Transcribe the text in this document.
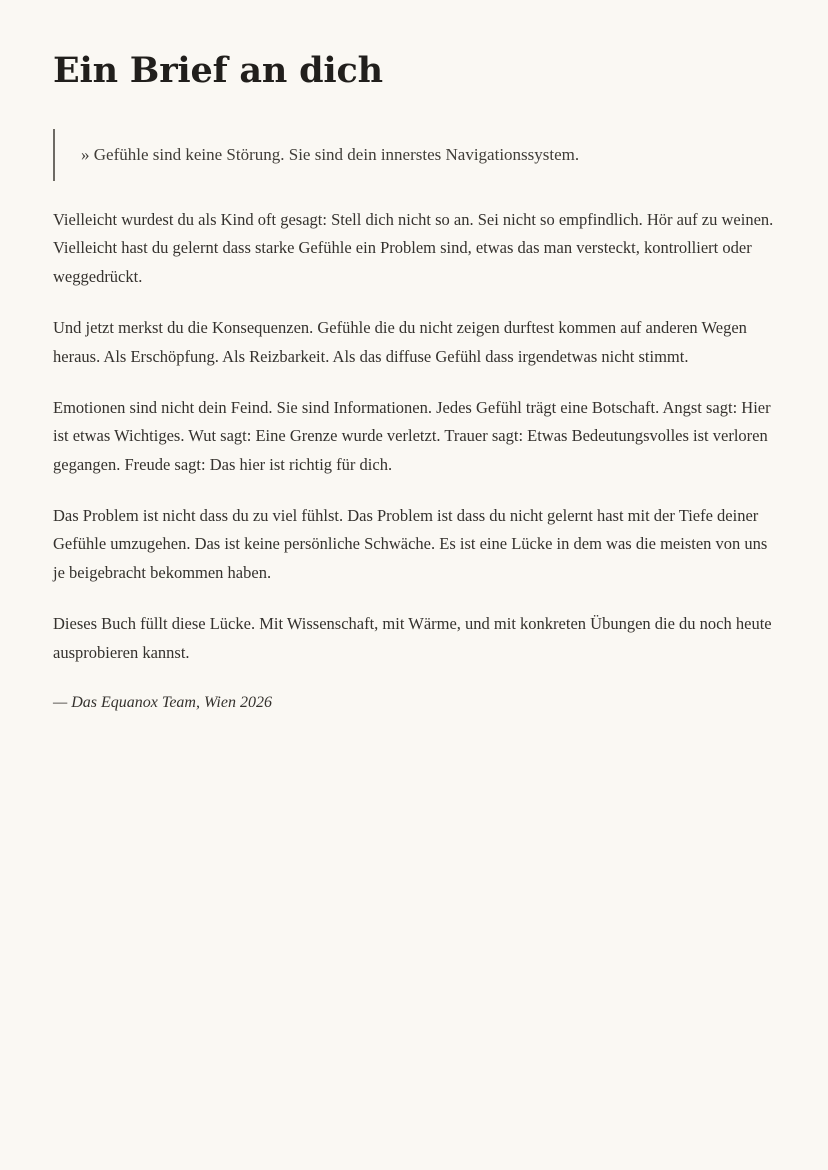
Ein Brief an dich

» Gefühle sind keine Störung. Sie sind dein innerstes Navigationssystem.

Vielleicht wurdest du als Kind oft gesagt: Stell dich nicht so an. Sei nicht so empfindlich. Hör auf zu weinen. Vielleicht hast du gelernt dass starke Gefühle ein Problem sind, etwas das man versteckt, kontrolliert oder weggedrückt.

Und jetzt merkst du die Konsequenzen. Gefühle die du nicht zeigen durftest kommen auf anderen Wegen heraus. Als Erschöpfung. Als Reizbarkeit. Als das diffuse Gefühl dass irgendetwas nicht stimmt.

Emotionen sind nicht dein Feind. Sie sind Informationen. Jedes Gefühl trägt eine Botschaft. Angst sagt: Hier ist etwas Wichtiges. Wut sagt: Eine Grenze wurde verletzt. Trauer sagt: Etwas Bedeutungsvolles ist verloren gegangen. Freude sagt: Das hier ist richtig für dich.

Das Problem ist nicht dass du zu viel fühlst. Das Problem ist dass du nicht gelernt hast mit der Tiefe deiner Gefühle umzugehen. Das ist keine persönliche Schwäche. Es ist eine Lücke in dem was die meisten von uns je beigebracht bekommen haben.

Dieses Buch füllt diese Lücke. Mit Wissenschaft, mit Wärme, und mit konkreten Übungen die du noch heute ausprobieren kannst.

— Das Equanox Team, Wien 2026
